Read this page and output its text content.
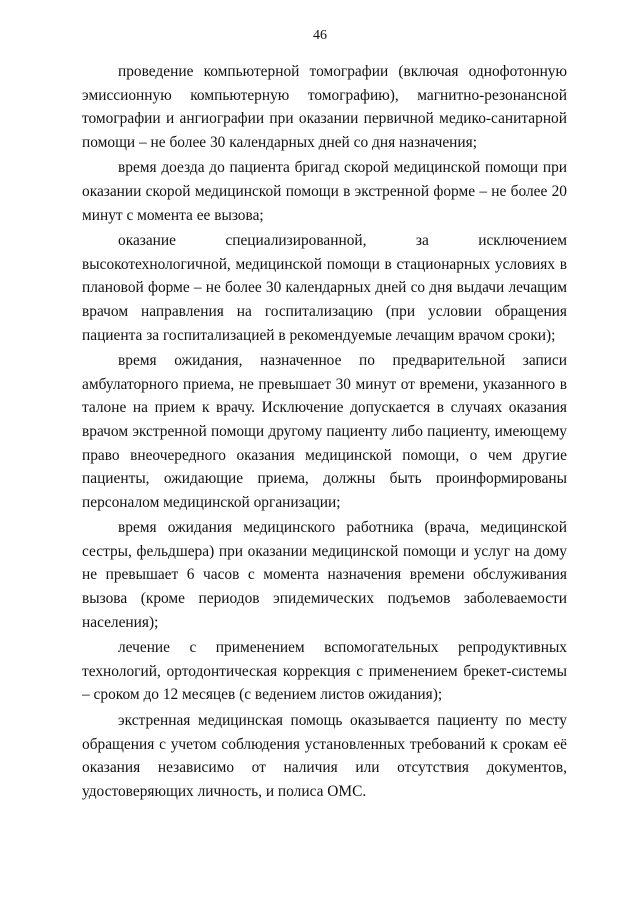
46

проведение компьютерной томографии (включая однофотонную эмиссионную компьютерную томографию), магнитно-резонансной томографии и ангиографии при оказании первичной медико-санитарной помощи – не более 30 календарных дней со дня назначения;

время доезда до пациента бригад скорой медицинской помощи при оказании скорой медицинской помощи в экстренной форме – не более 20 минут с момента ее вызова;

оказание специализированной, за исключением высокотехнологичной, медицинской помощи в стационарных условиях в плановой форме – не более 30 календарных дней со дня выдачи лечащим врачом направления на госпитализацию (при условии обращения пациента за госпитализацией в рекомендуемые лечащим врачом сроки);

время ожидания, назначенное по предварительной записи амбулаторного приема, не превышает 30 минут от времени, указанного в талоне на прием к врачу. Исключение допускается в случаях оказания врачом экстренной помощи другому пациенту либо пациенту, имеющему право внеочередного оказания медицинской помощи, о чем другие пациенты, ожидающие приема, должны быть проинформированы персоналом медицинской организации;

время ожидания медицинского работника (врача, медицинской сестры, фельдшера) при оказании медицинской помощи и услуг на дому не превышает 6 часов с момента назначения времени обслуживания вызова (кроме периодов эпидемических подъемов заболеваемости населения);

лечение с применением вспомогательных репродуктивных технологий, ортодонтическая коррекция с применением брекет-системы – сроком до 12 месяцев (с ведением листов ожидания);

экстренная медицинская помощь оказывается пациенту по месту обращения с учетом соблюдения установленных требований к срокам её оказания независимо от наличия или отсутствия документов, удостоверяющих личность, и полиса ОМС.
